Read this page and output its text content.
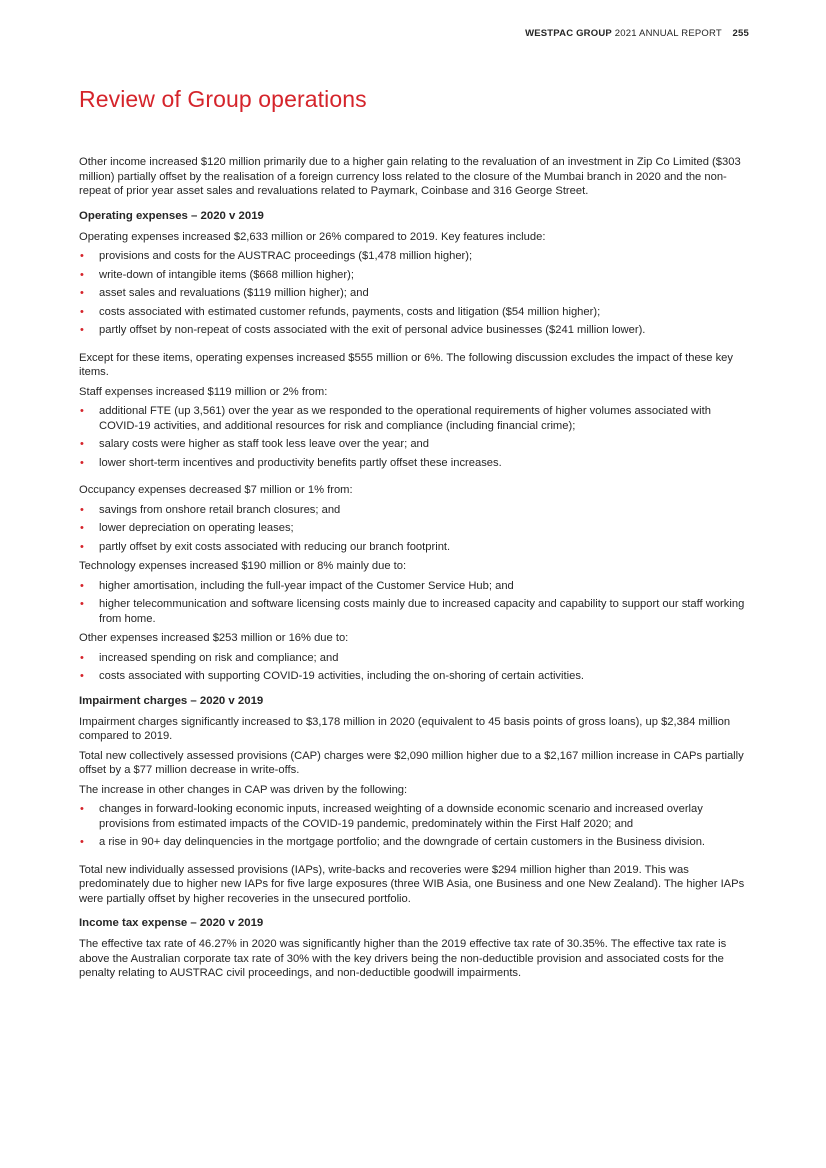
WESTPAC GROUP 2021 ANNUAL REPORT 255
Review of Group operations

Other income increased $120 million primarily due to a higher gain relating to the revaluation of an investment in Zip Co Limited ($303 million) partially offset by the realisation of a foreign currency loss related to the closure of the Mumbai branch in 2020 and the non-repeat of prior year asset sales and revaluations related to Paymark, Coinbase and 316 George Street.

Operating expenses – 2020 v 2019

Operating expenses increased $2,633 million or 26% compared to 2019. Key features include:

• provisions and costs for the AUSTRAC proceedings ($1,478 million higher);
• write-down of intangible items ($668 million higher);
• asset sales and revaluations ($119 million higher); and
• costs associated with estimated customer refunds, payments, costs and litigation ($54 million higher);
• partly offset by non-repeat of costs associated with the exit of personal advice businesses ($241 million lower).

Except for these items, operating expenses increased $555 million or 6%. The following discussion excludes the impact of these key items.

Staff expenses increased $119 million or 2% from:

• additional FTE (up 3,561) over the year as we responded to the operational requirements of higher volumes associated with COVID-19 activities, and additional resources for risk and compliance (including financial crime);
• salary costs were higher as staff took less leave over the year; and
• lower short-term incentives and productivity benefits partly offset these increases.

Occupancy expenses decreased $7 million or 1% from:

• savings from onshore retail branch closures; and
• lower depreciation on operating leases;
• partly offset by exit costs associated with reducing our branch footprint.

Technology expenses increased $190 million or 8% mainly due to:

• higher amortisation, including the full-year impact of the Customer Service Hub; and
• higher telecommunication and software licensing costs mainly due to increased capacity and capability to support our staff working from home.

Other expenses increased $253 million or 16% due to:

• increased spending on risk and compliance; and
• costs associated with supporting COVID-19 activities, including the on-shoring of certain activities.
Impairment charges – 2020 v 2019

Impairment charges significantly increased to $3,178 million in 2020 (equivalent to 45 basis points of gross loans), up $2,384 million compared to 2019.

Total new collectively assessed provisions (CAP) charges were $2,090 million higher due to a $2,167 million increase in CAPs partially offset by a $77 million decrease in write-offs.

The increase in other changes in CAP was driven by the following:

• changes in forward-looking economic inputs, increased weighting of a downside economic scenario and increased overlay provisions from estimated impacts of the COVID-19 pandemic, predominately within the First Half 2020; and
• a rise in 90+ day delinquencies in the mortgage portfolio; and the downgrade of certain customers in the Business division.

Total new individually assessed provisions (IAPs), write-backs and recoveries were $294 million higher than 2019. This was predominately due to higher new IAPs for five large exposures (three WIB Asia, one Business and one New Zealand). The higher IAPs were partially offset by higher recoveries in the unsecured portfolio.

Income tax expense – 2020 v 2019

The effective tax rate of 46.27% in 2020 was significantly higher than the 2019 effective tax rate of 30.35%. The effective tax rate is above the Australian corporate tax rate of 30% with the key drivers being the non-deductible provision and associated costs for the penalty relating to AUSTRAC civil proceedings, and non-deductible goodwill impairments.
